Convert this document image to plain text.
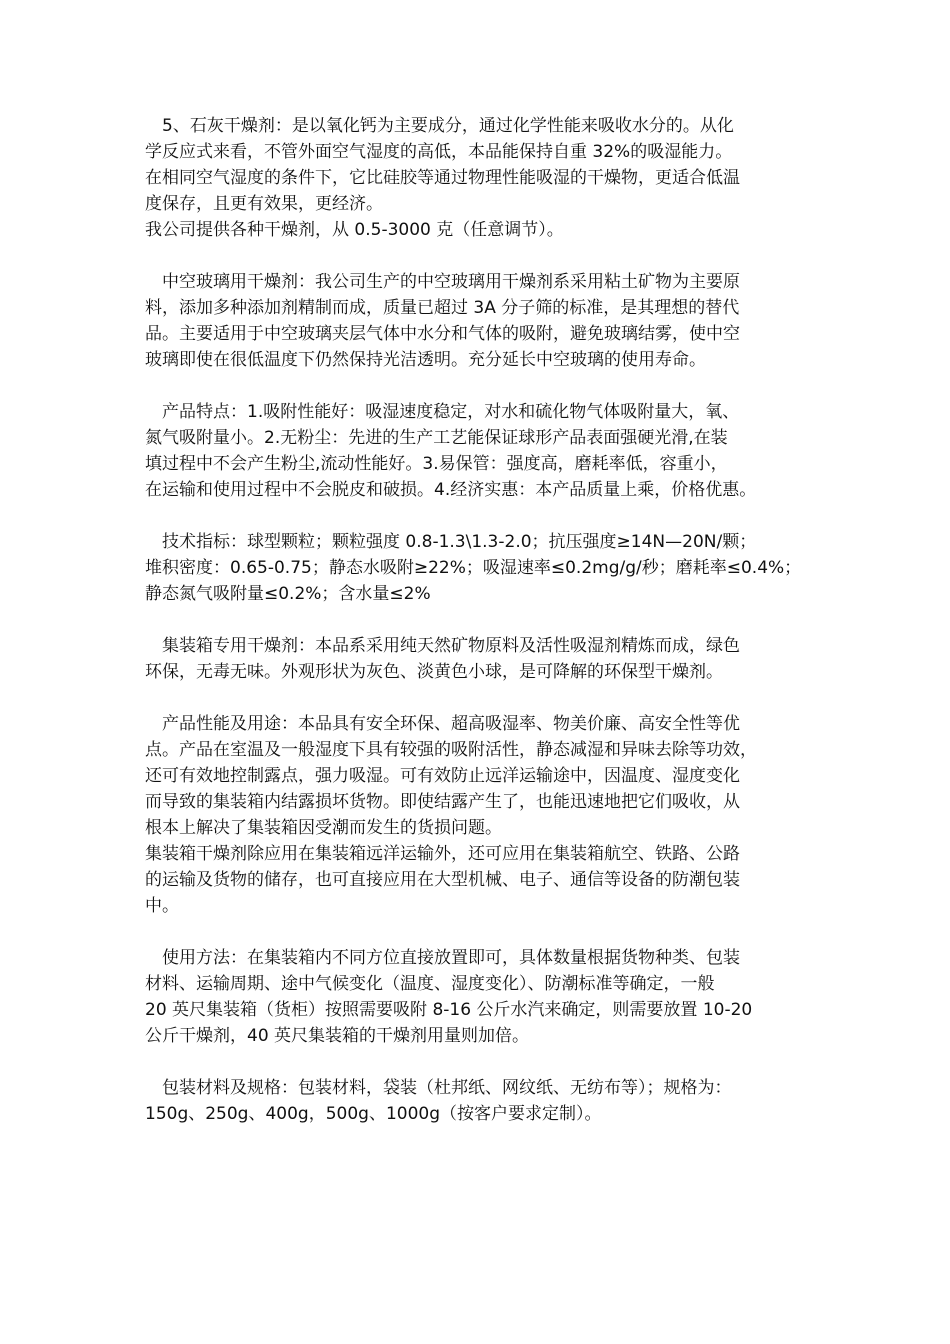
5、石灰干燥剂：是以氧化钙为主要成分，通过化学性能来吸收水分的。从化
学反应式来看，不管外面空气湿度的高低，本品能保持自重 32%的吸湿能力。
在相同空气湿度的条件下，它比硅胶等通过物理性能吸湿的干燥物，更适合低温
度保存，且更有效果，更经济。
我公司提供各种干燥剂，从 0.5-3000 克（任意调节）。
中空玻璃用干燥剂：我公司生产的中空玻璃用干燥剂系采用粘土矿物为主要原
料，添加多种添加剂精制而成，质量已超过 3A 分子筛的标准，是其理想的替代
品。主要适用于中空玻璃夹层气体中水分和气体的吸附，避免玻璃结雾，使中空
玻璃即使在很低温度下仍然保持光洁透明。充分延长中空玻璃的使用寿命。
产品特点：1.吸附性能好：吸湿速度稳定，对水和硫化物气体吸附量大，氧、
氮气吸附量小。2.无粉尘：先进的生产工艺能保证球形产品表面强硬光滑,在装
填过程中不会产生粉尘,流动性能好。3.易保管：强度高，磨耗率低，容重小，
在运输和使用过程中不会脱皮和破损。4.经济实惠：本产品质量上乘，价格优惠。
技术指标：球型颗粒；颗粒强度 0.8-1.3\1.3-2.0；抗压强度≥14N—20N/颗；
堆积密度：0.65-0.75；静态水吸附≥22%；吸湿速率≤0.2mg/g/秒；磨耗率≤0.4%；
静态氮气吸附量≤0.2%；含水量≤2%
集装箱专用干燥剂：本品系采用纯天然矿物原料及活性吸湿剂精炼而成，绿色
环保，无毒无味。外观形状为灰色、淡黄色小球，是可降解的环保型干燥剂。
产品性能及用途：本品具有安全环保、超高吸湿率、物美价廉、高安全性等优
点。产品在室温及一般湿度下具有较强的吸附活性，静态减湿和异味去除等功效，
还可有效地控制露点，强力吸湿。可有效防止远洋运输途中，因温度、湿度变化
而导致的集装箱内结露损坏货物。即使结露产生了，也能迅速地把它们吸收，从
根本上解决了集装箱因受潮而发生的货损问题。
集装箱干燥剂除应用在集装箱远洋运输外，还可应用在集装箱航空、铁路、公路
的运输及货物的储存，也可直接应用在大型机械、电子、通信等设备的防潮包装
中。
使用方法：在集装箱内不同方位直接放置即可，具体数量根据货物种类、包装
材料、运输周期、途中气候变化（温度、湿度变化）、防潮标准等确定，一般
20 英尺集装箱（货柜）按照需要吸附 8-16 公斤水汽来确定，则需要放置 10-20
公斤干燥剂，40 英尺集装箱的干燥剂用量则加倍。
包装材料及规格：包装材料，袋装（杜邦纸、网纹纸、无纺布等）；规格为：
150g、250g、400g，500g、1000g（按客户要求定制）。
